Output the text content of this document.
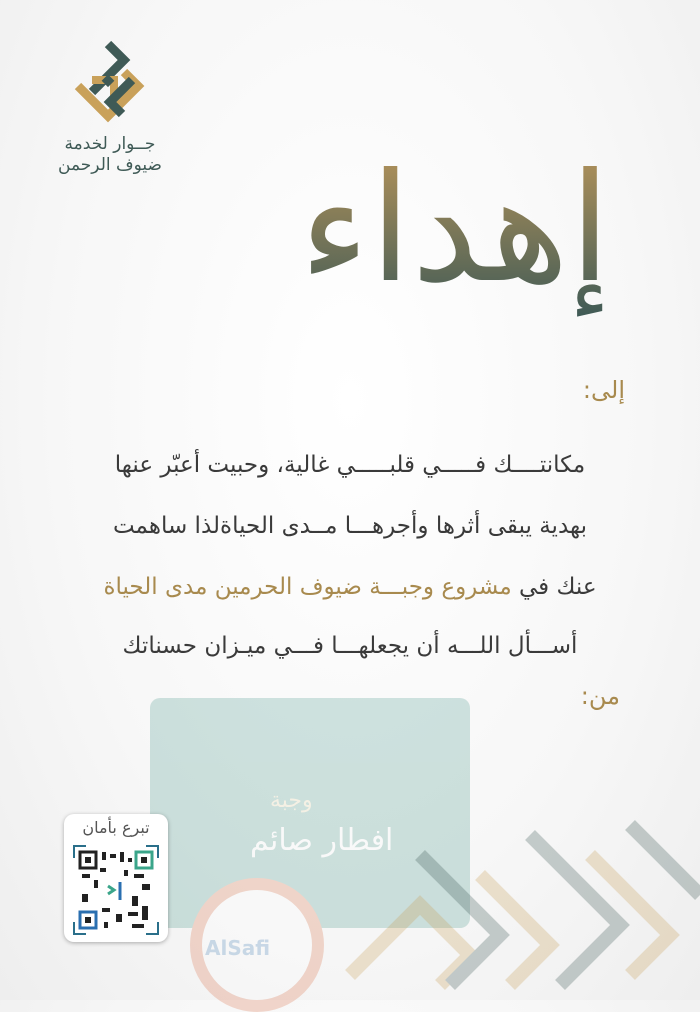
وجبة
افطار صائم
AlSafi
جــوار لخدمة
ضيوف الرحمن إهداء
إلى:
مكانتــــك فـــــي قلبـــــي غالية، وحبيت أعبّر عنها
بهدية يبقى أثرها وأجرهـــا مــدى الحياةلذا ساهمت
عنك في مشروع وجبـــة ضيوف الحرمين مدى الحياة
أســـأل اللـــه أن يجعلهـــا فـــي ميـزان حسناتك
من:
تبرع بأمان
